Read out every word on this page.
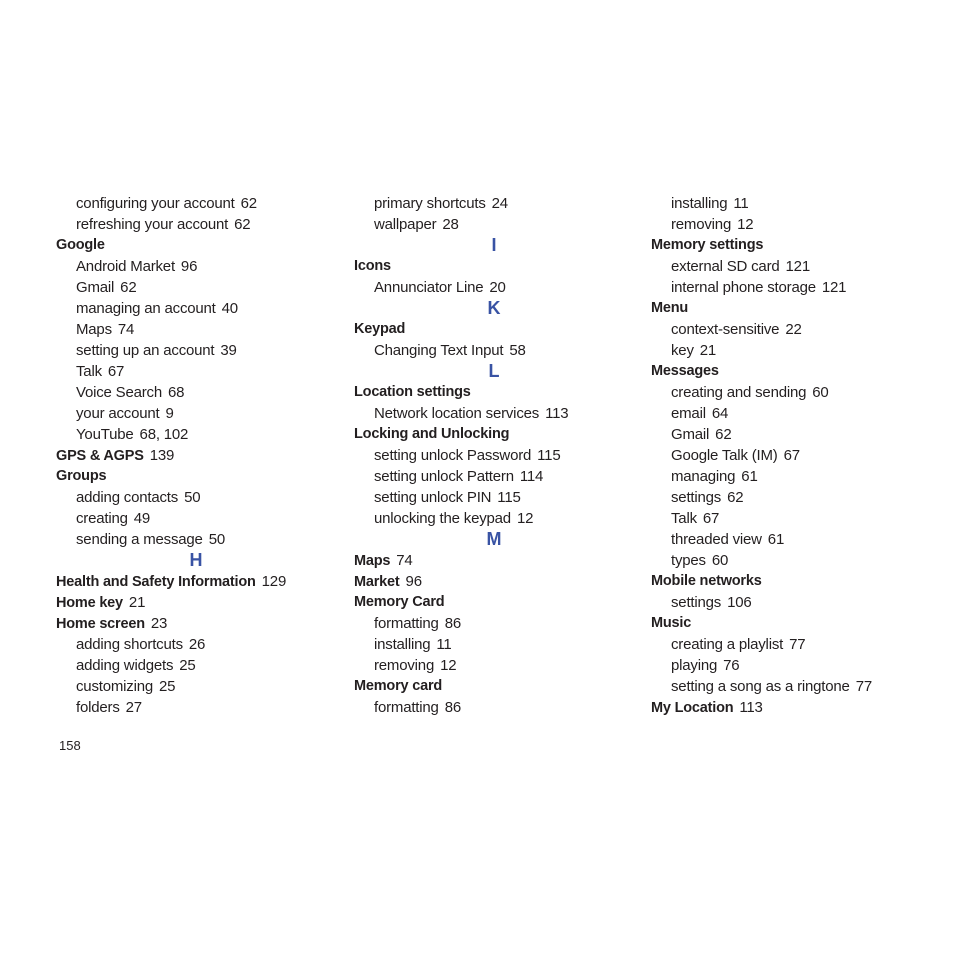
configuring your account 62
refreshing your account 62
Google
Android Market 96
Gmail 62
managing an account 40
Maps 74
setting up an account 39
Talk 67
Voice Search 68
your account 9
YouTube 68, 102
GPS & AGPS 139
Groups
adding contacts 50
creating 49
sending a message 50
H
Health and Safety Information 129
Home key 21
Home screen 23
adding shortcuts 26
adding widgets 25
customizing 25
folders 27
primary shortcuts 24
wallpaper 28
I
Icons
Annunciator Line 20
K
Keypad
Changing Text Input 58
L
Location settings
Network location services 113
Locking and Unlocking
setting unlock Password 115
setting unlock Pattern 114
setting unlock PIN 115
unlocking the keypad 12
M
Maps 74
Market 96
Memory Card
formatting 86
installing 11
removing 12
Memory card
formatting 86
installing 11
removing 12
Memory settings
external SD card 121
internal phone storage 121
Menu
context-sensitive 22
key 21
Messages
creating and sending 60
email 64
Gmail 62
Google Talk (IM) 67
managing 61
settings 62
Talk 67
threaded view 61
types 60
Mobile networks
settings 106
Music
creating a playlist 77
playing 76
setting a song as a ringtone 77
My Location 113
158
